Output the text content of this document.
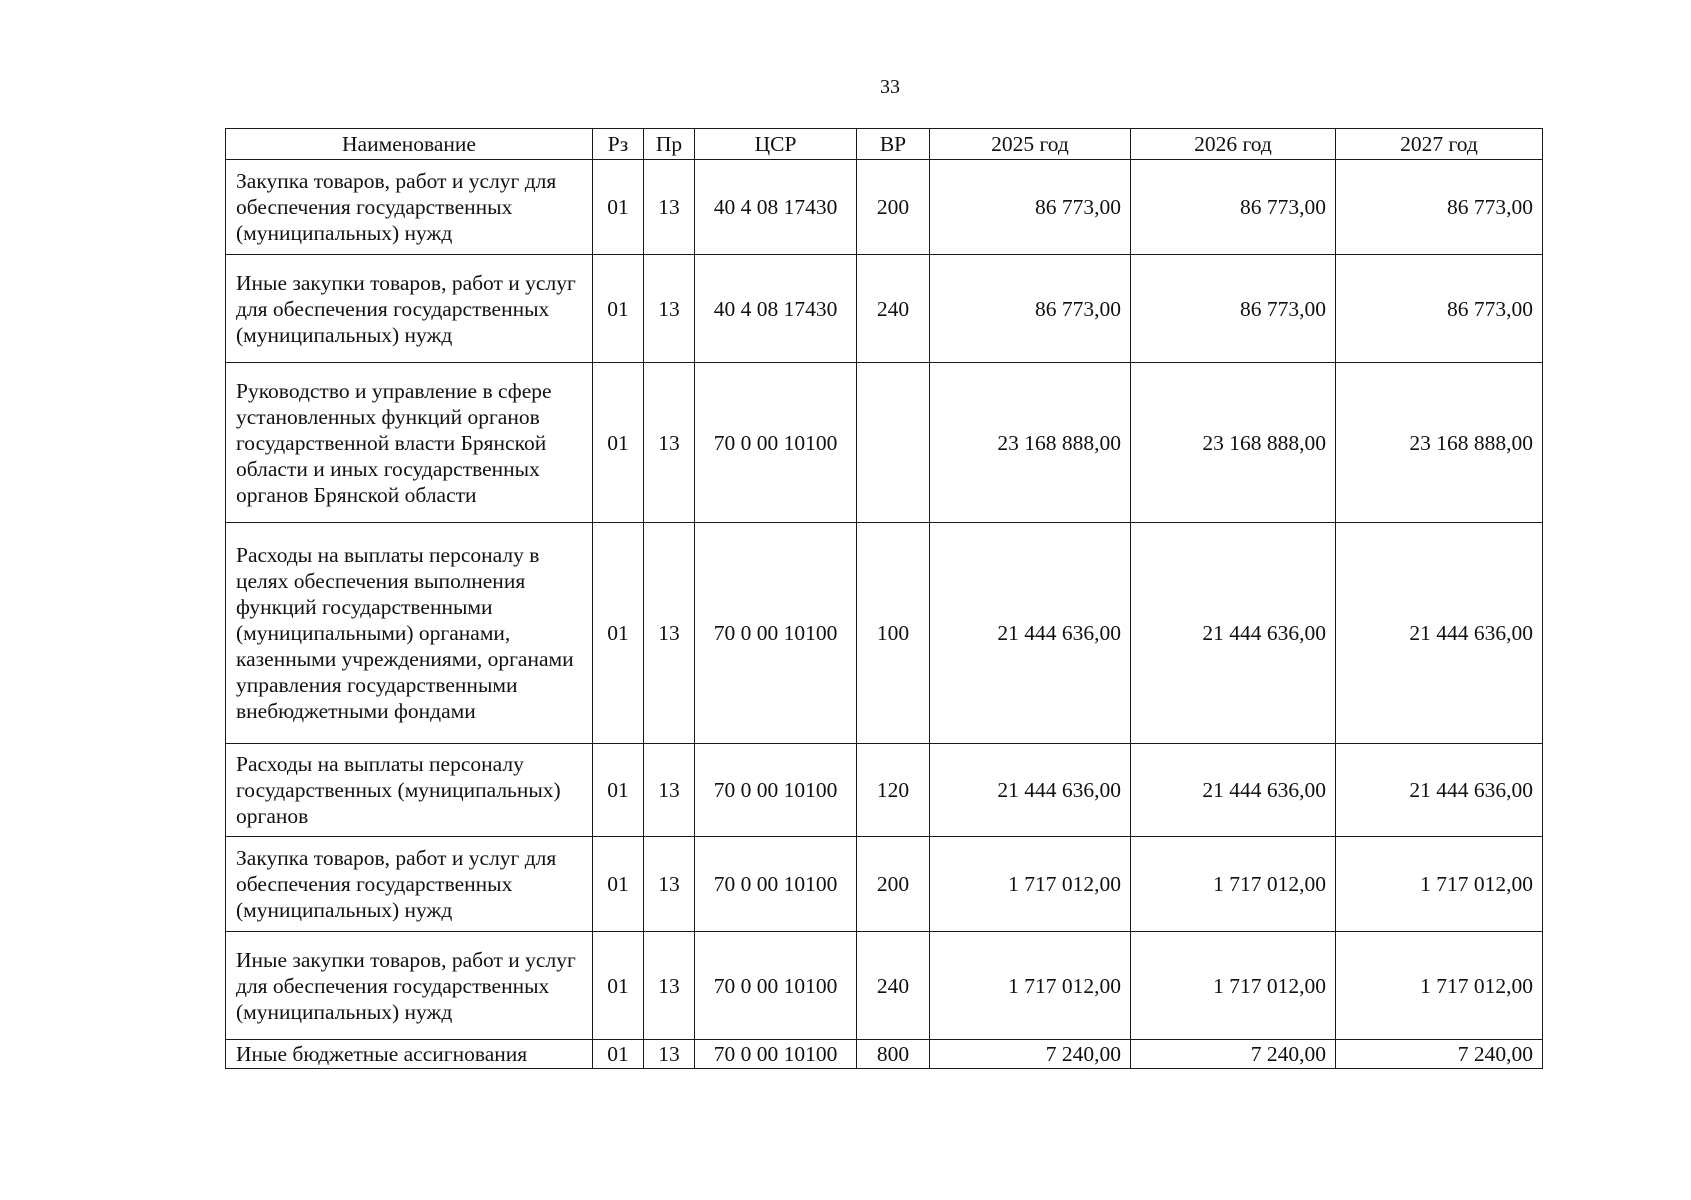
33
Наименование	Рз	Пр	ЦСР	ВР	2025 год	2026 год	2027 год
Закупка товаров, работ и услуг для обеспечения государственных (муниципальных) нужд	01	13	40 4 08 17430	200	86 773,00	86 773,00	86 773,00
Иные закупки товаров, работ и услуг для обеспечения государственных (муниципальных) нужд	01	13	40 4 08 17430	240	86 773,00	86 773,00	86 773,00
Руководство и управление в сфере установленных функций органов государственной власти Брянской области и иных государственных органов Брянской области	01	13	70 0 00 10100		23 168 888,00	23 168 888,00	23 168 888,00
Расходы на выплаты персоналу в целях обеспечения выполнения функций государственными (муниципальными) органами, казенными учреждениями, органами управления государственными внебюджетными фондами	01	13	70 0 00 10100	100	21 444 636,00	21 444 636,00	21 444 636,00
Расходы на выплаты персоналу государственных (муниципальных) органов	01	13	70 0 00 10100	120	21 444 636,00	21 444 636,00	21 444 636,00
Закупка товаров, работ и услуг для обеспечения государственных (муниципальных) нужд	01	13	70 0 00 10100	200	1 717 012,00	1 717 012,00	1 717 012,00
Иные закупки товаров, работ и услуг для обеспечения государственных (муниципальных) нужд	01	13	70 0 00 10100	240	1 717 012,00	1 717 012,00	1 717 012,00
Иные бюджетные ассигнования	01	13	70 0 00 10100	800	7 240,00	7 240,00	7 240,00
